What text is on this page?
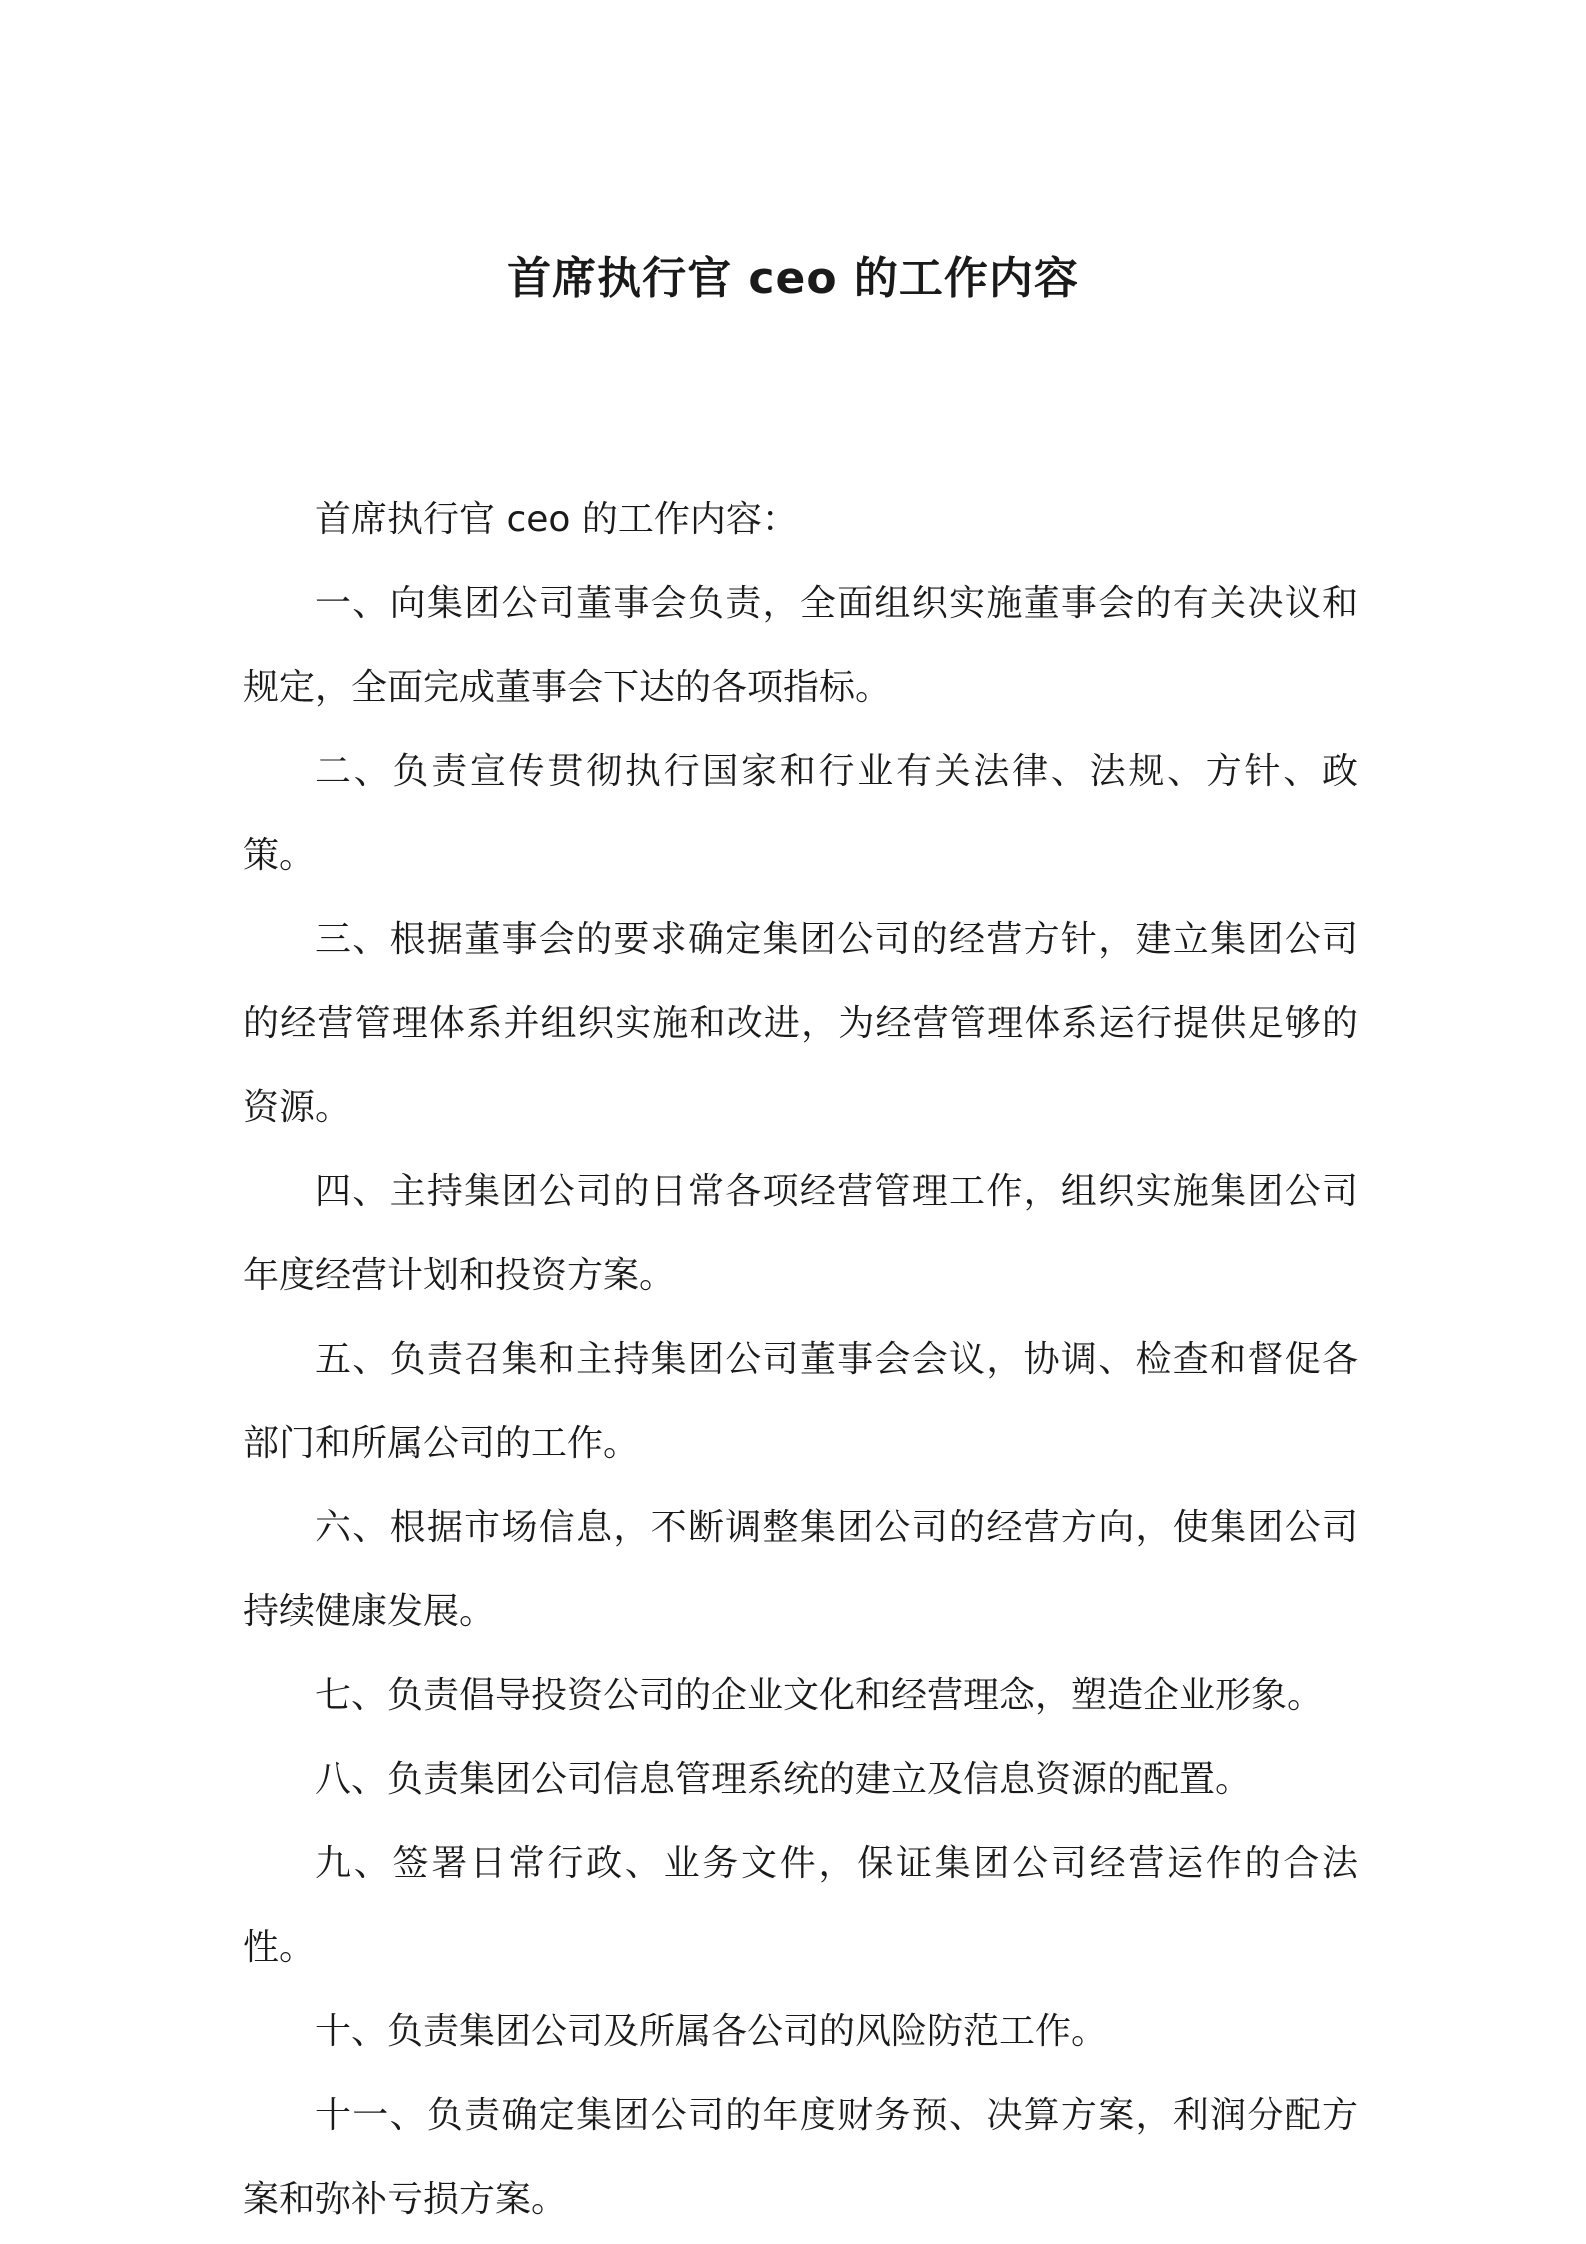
首席执行官 ceo 的工作内容

首席执行官 ceo 的工作内容：

一、向集团公司董事会负责，全面组织实施董事会的有关决议和规定，全面完成董事会下达的各项指标。

二、负责宣传贯彻执行国家和行业有关法律、法规、方针、政策。

三、根据董事会的要求确定集团公司的经营方针，建立集团公司的经营管理体系并组织实施和改进，为经营管理体系运行提供足够的资源。

四、主持集团公司的日常各项经营管理工作，组织实施集团公司年度经营计划和投资方案。

五、负责召集和主持集团公司董事会会议，协调、检查和督促各部门和所属公司的工作。

六、根据市场信息，不断调整集团公司的经营方向，使集团公司持续健康发展。

七、负责倡导投资公司的企业文化和经营理念，塑造企业形象。

八、负责集团公司信息管理系统的建立及信息资源的配置。

九、签署日常行政、业务文件，保证集团公司经营运作的合法性。

十、负责集团公司及所属各公司的风险防范工作。

十一、负责确定集团公司的年度财务预、决算方案，利润分配方案和弥补亏损方案。
